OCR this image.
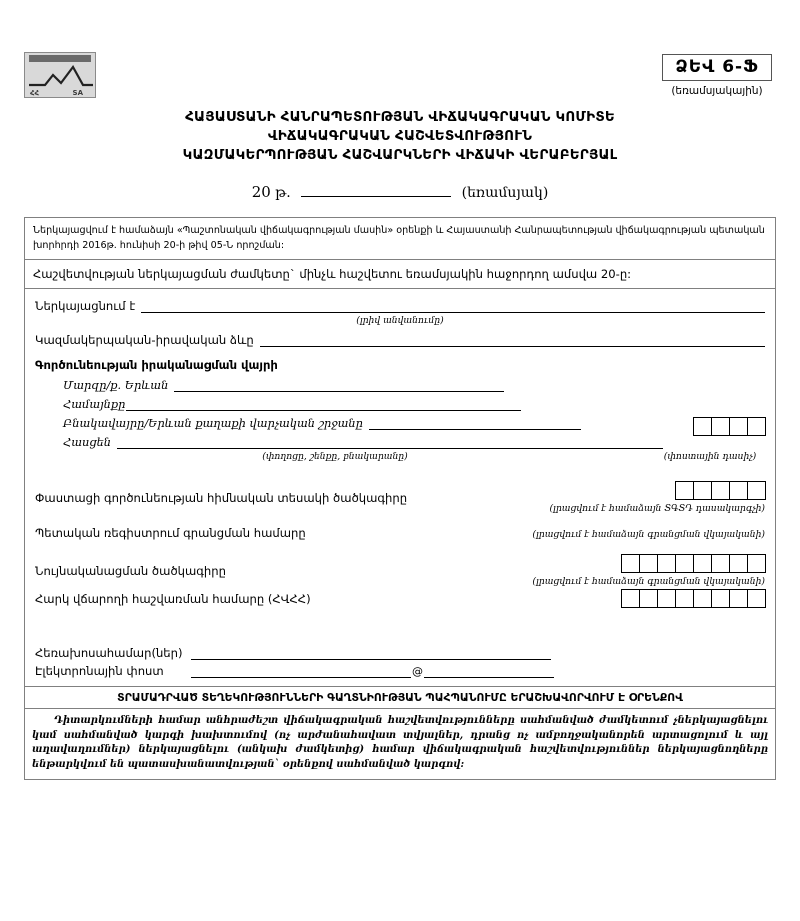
ՀՀ	SA
ՁԵՎ 6-Ֆ
(եռամսյակային)
ՀԱՅԱՍՏԱՆԻ ՀԱՆՐԱՊԵՏՈՒԹՅԱՆ ՎԻՃԱԿԱԳՐԱԿԱՆ ԿՈՄԻՏԵ
ՎԻՃԱԿԱԳՐԱԿԱՆ ՀԱՇՎԵՏՎՈՒԹՅՈՒՆ
ԿԱԶՄԱԿԵՐՊՈՒԹՅԱՆ ՀԱՇՎԱՐԿՆԵՐԻ ՎԻՃԱԿԻ ՎԵՐԱԲԵՐՅԱԼ
20 թ.	(եռամսյակ)
Ներկայացվում է համաձայն «Պաշտոնական վիճակագրության մասին» օրենքի և Հայաստանի Հանրապետության վիճակագրության պետական խորհրդի 2016թ. հունիսի 20-ի թիվ 05-Ն որոշման:
Հաշվետվության ներկայացման ժամկետը` մինչև հաշվետու եռամսյակին հաջորդող ամսվա 20-ը:
Ներկայացնում է
(լրիվ անվանումը)
Կազմակերպական-իրավական ձևը
Գործունեության իրականացման վայրի
Մարզը/ք. Երևան
Համայնքը
Բնակավայրը/Երևան քաղաքի վարչական շրջանը
Հասցեն
(փողոցը, շենքը, բնակարանը)	(փոստային դասիչ)
Փաստացի գործունեության հիմնական տեսակի ծածկագիրը
(լրացվում է համաձայն ՏԳՏԴ դասակարգչի)
Պետական ռեգիստրում գրանցման համարը	(լրացվում է համաձայն գրանցման վկայականի)
Նույնականացման ծածկագիրը
(լրացվում է համաձայն գրանցման վկայականի)
Հարկ վճարողի հաշվառման համարը (ՀՎՀՀ)
Հեռախոսահամար(ներ)
Էլեկտրոնային փոստ	@
ՏՐԱՄԱԴՐՎԱԾ ՏԵՂԵԿՈՒԹՅՈՒՆՆԵՐԻ ԳԱՂՏՆԻՈՒԹՅԱՆ ՊԱՀՊԱՆՈՒՄԸ ԵՐԱՇԽԱՎՈՐՎՈՒՄ Է ՕՐԵՆՔՈՎ
Դիտարկումների համար անհրաժեշտ վիճակագրական հաշվետվությունները սահմանված ժամկետում չներկայացնելու կամ սահմանված կարգի խախտումով (ոչ արժանահավատ տվյալներ, դրանց ոչ ամբողջականորեն արտացոլում և այլ աղավաղումներ) ներկայացնելու (անկախ ժամկետից) համար վիճակագրական հաշվետվություններ ներկայացնողները ենթարկվում են պատասխանատվության` օրենքով սահմանված կարգով:
